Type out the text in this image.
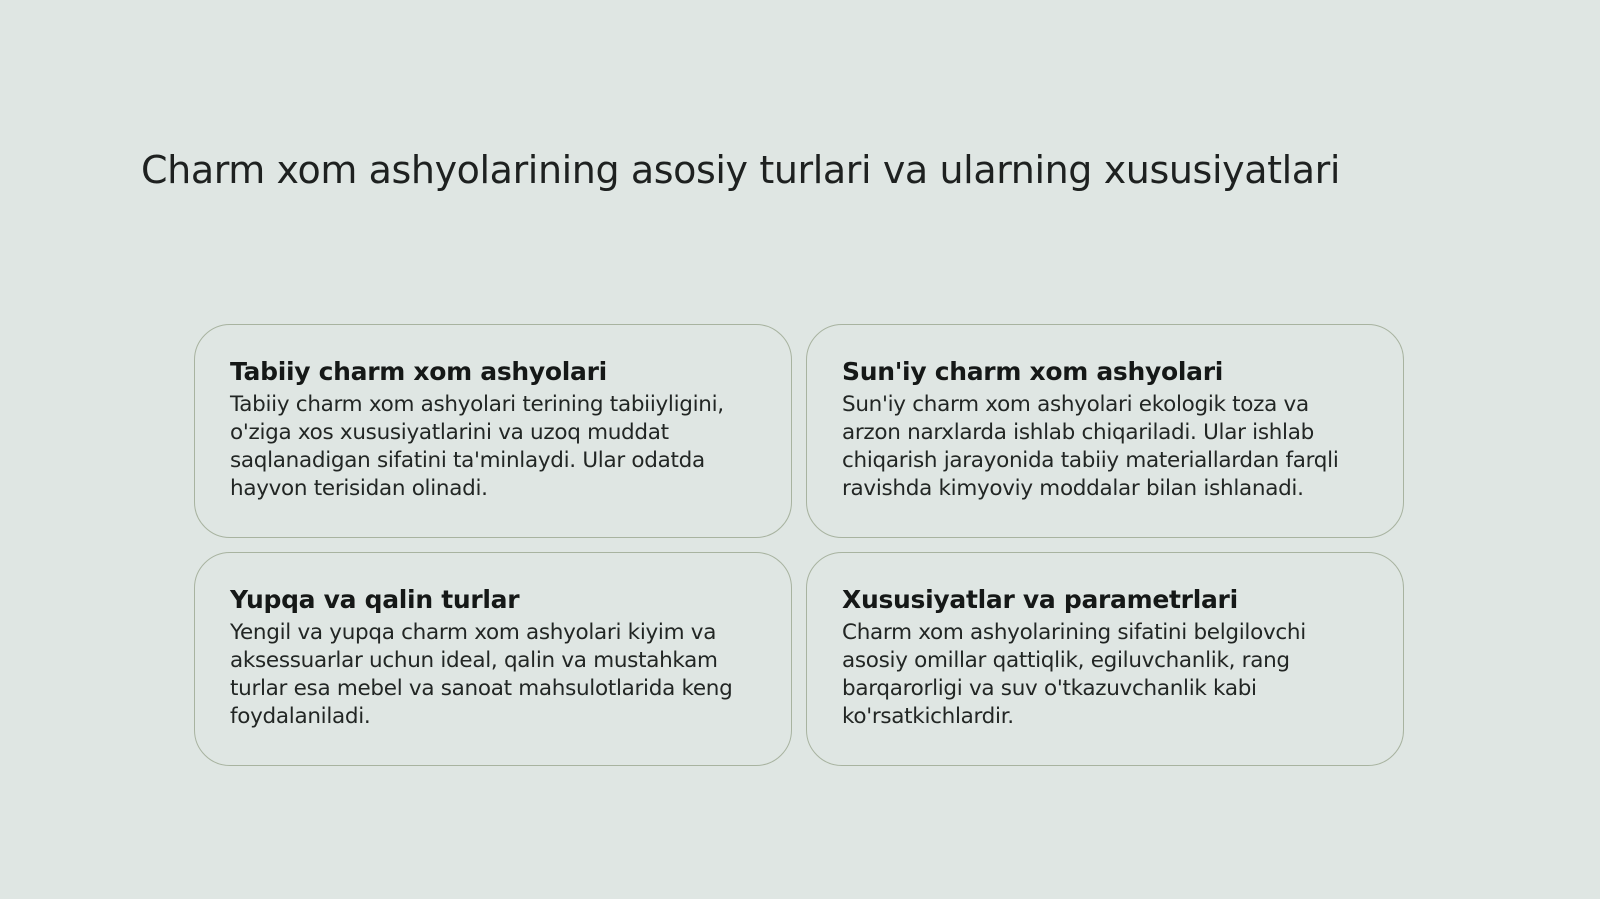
Charm xom ashyolarining asosiy turlari va ularning xususiyatlari
Tabiiy charm xom ashyolari

Tabiiy charm xom ashyolari terining tabiiyligini, o'ziga xos xususiyatlarini va uzoq muddat saqlanadigan sifatini ta'minlaydi. Ular odatda hayvon terisidan olinadi.

Sun'iy charm xom ashyolari

Sun'iy charm xom ashyolari ekologik toza va arzon narxlarda ishlab chiqariladi. Ular ishlab chiqarish jarayonida tabiiy materiallardan farqli ravishda kimyoviy moddalar bilan ishlanadi.

Yupqa va qalin turlar

Yengil va yupqa charm xom ashyolari kiyim va aksessuarlar uchun ideal, qalin va mustahkam turlar esa mebel va sanoat mahsulotlarida keng foydalaniladi.

Xususiyatlar va parametrlari

Charm xom ashyolarining sifatini belgilovchi asosiy omillar qattiqlik, egiluvchanlik, rang barqarorligi va suv o'tkazuvchanlik kabi ko'rsatkichlardir.
